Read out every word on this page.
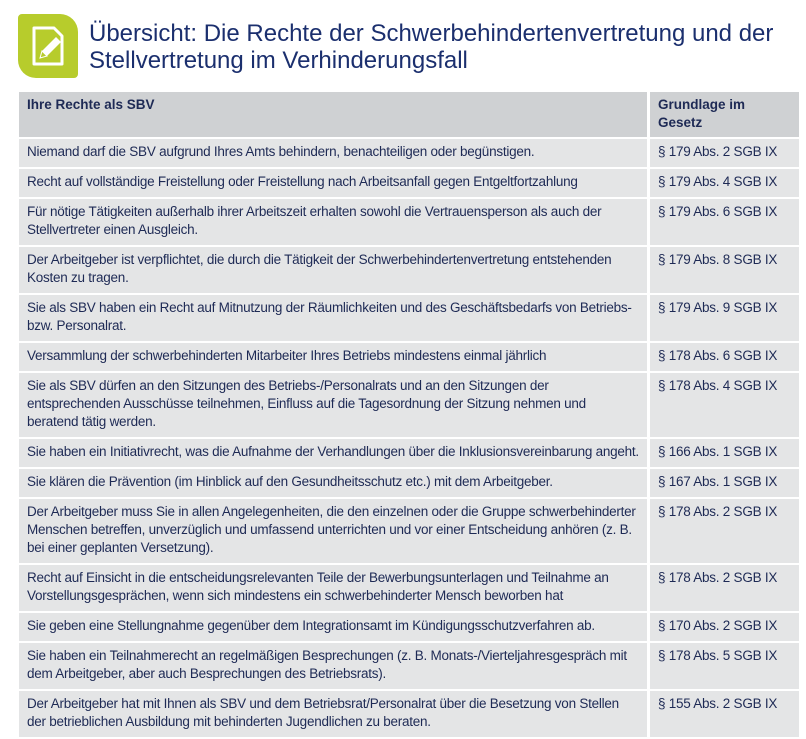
Übersicht: Die Rechte der Schwerbehindertenvertretung und der Stellvertretung im Verhinderungsfall
Ihre Rechte als SBV	Grundlage im Gesetz
Niemand darf die SBV aufgrund Ihres Amts behindern, benachteiligen oder begünstigen.	§ 179 Abs. 2 SGB IX
Recht auf vollständige Freistellung oder Freistellung nach Arbeitsanfall gegen Entgeltfortzahlung	§ 179 Abs. 4 SGB IX
Für nötige Tätigkeiten außerhalb ihrer Arbeitszeit erhalten sowohl die Vertrauensperson als auch der Stellvertreter einen Ausgleich.	§ 179 Abs. 6 SGB IX
Der Arbeitgeber ist verpflichtet, die durch die Tätigkeit der Schwerbehindertenvertretung entstehenden Kosten zu tragen.	§ 179 Abs. 8 SGB IX
Sie als SBV haben ein Recht auf Mitnutzung der Räumlichkeiten und des Geschäftsbedarfs von Betriebs- bzw. Personalrat.	§ 179 Abs. 9 SGB IX
Versammlung der schwerbehinderten Mitarbeiter Ihres Betriebs mindestens einmal jährlich	§ 178 Abs. 6 SGB IX
Sie als SBV dürfen an den Sitzungen des Betriebs-/Personalrats und an den Sitzungen der entsprechenden Ausschüsse teilnehmen, Einfluss auf die Tagesordnung der Sitzung nehmen und beratend tätig werden.	§ 178 Abs. 4 SGB IX
Sie haben ein Initiativrecht, was die Aufnahme der Verhandlungen über die Inklusionsvereinbarung angeht.	§ 166 Abs. 1 SGB IX
Sie klären die Prävention (im Hinblick auf den Gesundheitsschutz etc.) mit dem Arbeitgeber.	§ 167 Abs. 1 SGB IX
Der Arbeitgeber muss Sie in allen Angelegenheiten, die den einzelnen oder die Gruppe schwerbehinderter Menschen betreffen, unverzüglich und umfassend unterrichten und vor einer Entscheidung anhören (z. B. bei einer geplanten Versetzung).	§ 178 Abs. 2 SGB IX
Recht auf Einsicht in die entscheidungsrelevanten Teile der Bewerbungsunterlagen und Teilnahme an Vorstellungsgesprächen, wenn sich mindestens ein schwerbehinderter Mensch beworben hat	§ 178 Abs. 2 SGB IX
Sie geben eine Stellungnahme gegenüber dem Integrationsamt im Kündigungsschutzverfahren ab.	§ 170 Abs. 2 SGB IX
Sie haben ein Teilnahmerecht an regelmäßigen Besprechungen (z. B. Monats-/Vierteljahresgespräch mit dem Arbeitgeber, aber auch Besprechungen des Betriebsrats).	§ 178 Abs. 5 SGB IX
Der Arbeitgeber hat mit Ihnen als SBV und dem Betriebsrat/Personalrat über die Besetzung von Stellen der betrieblichen Ausbildung mit behinderten Jugendlichen zu beraten.	§ 155 Abs. 2 SGB IX
